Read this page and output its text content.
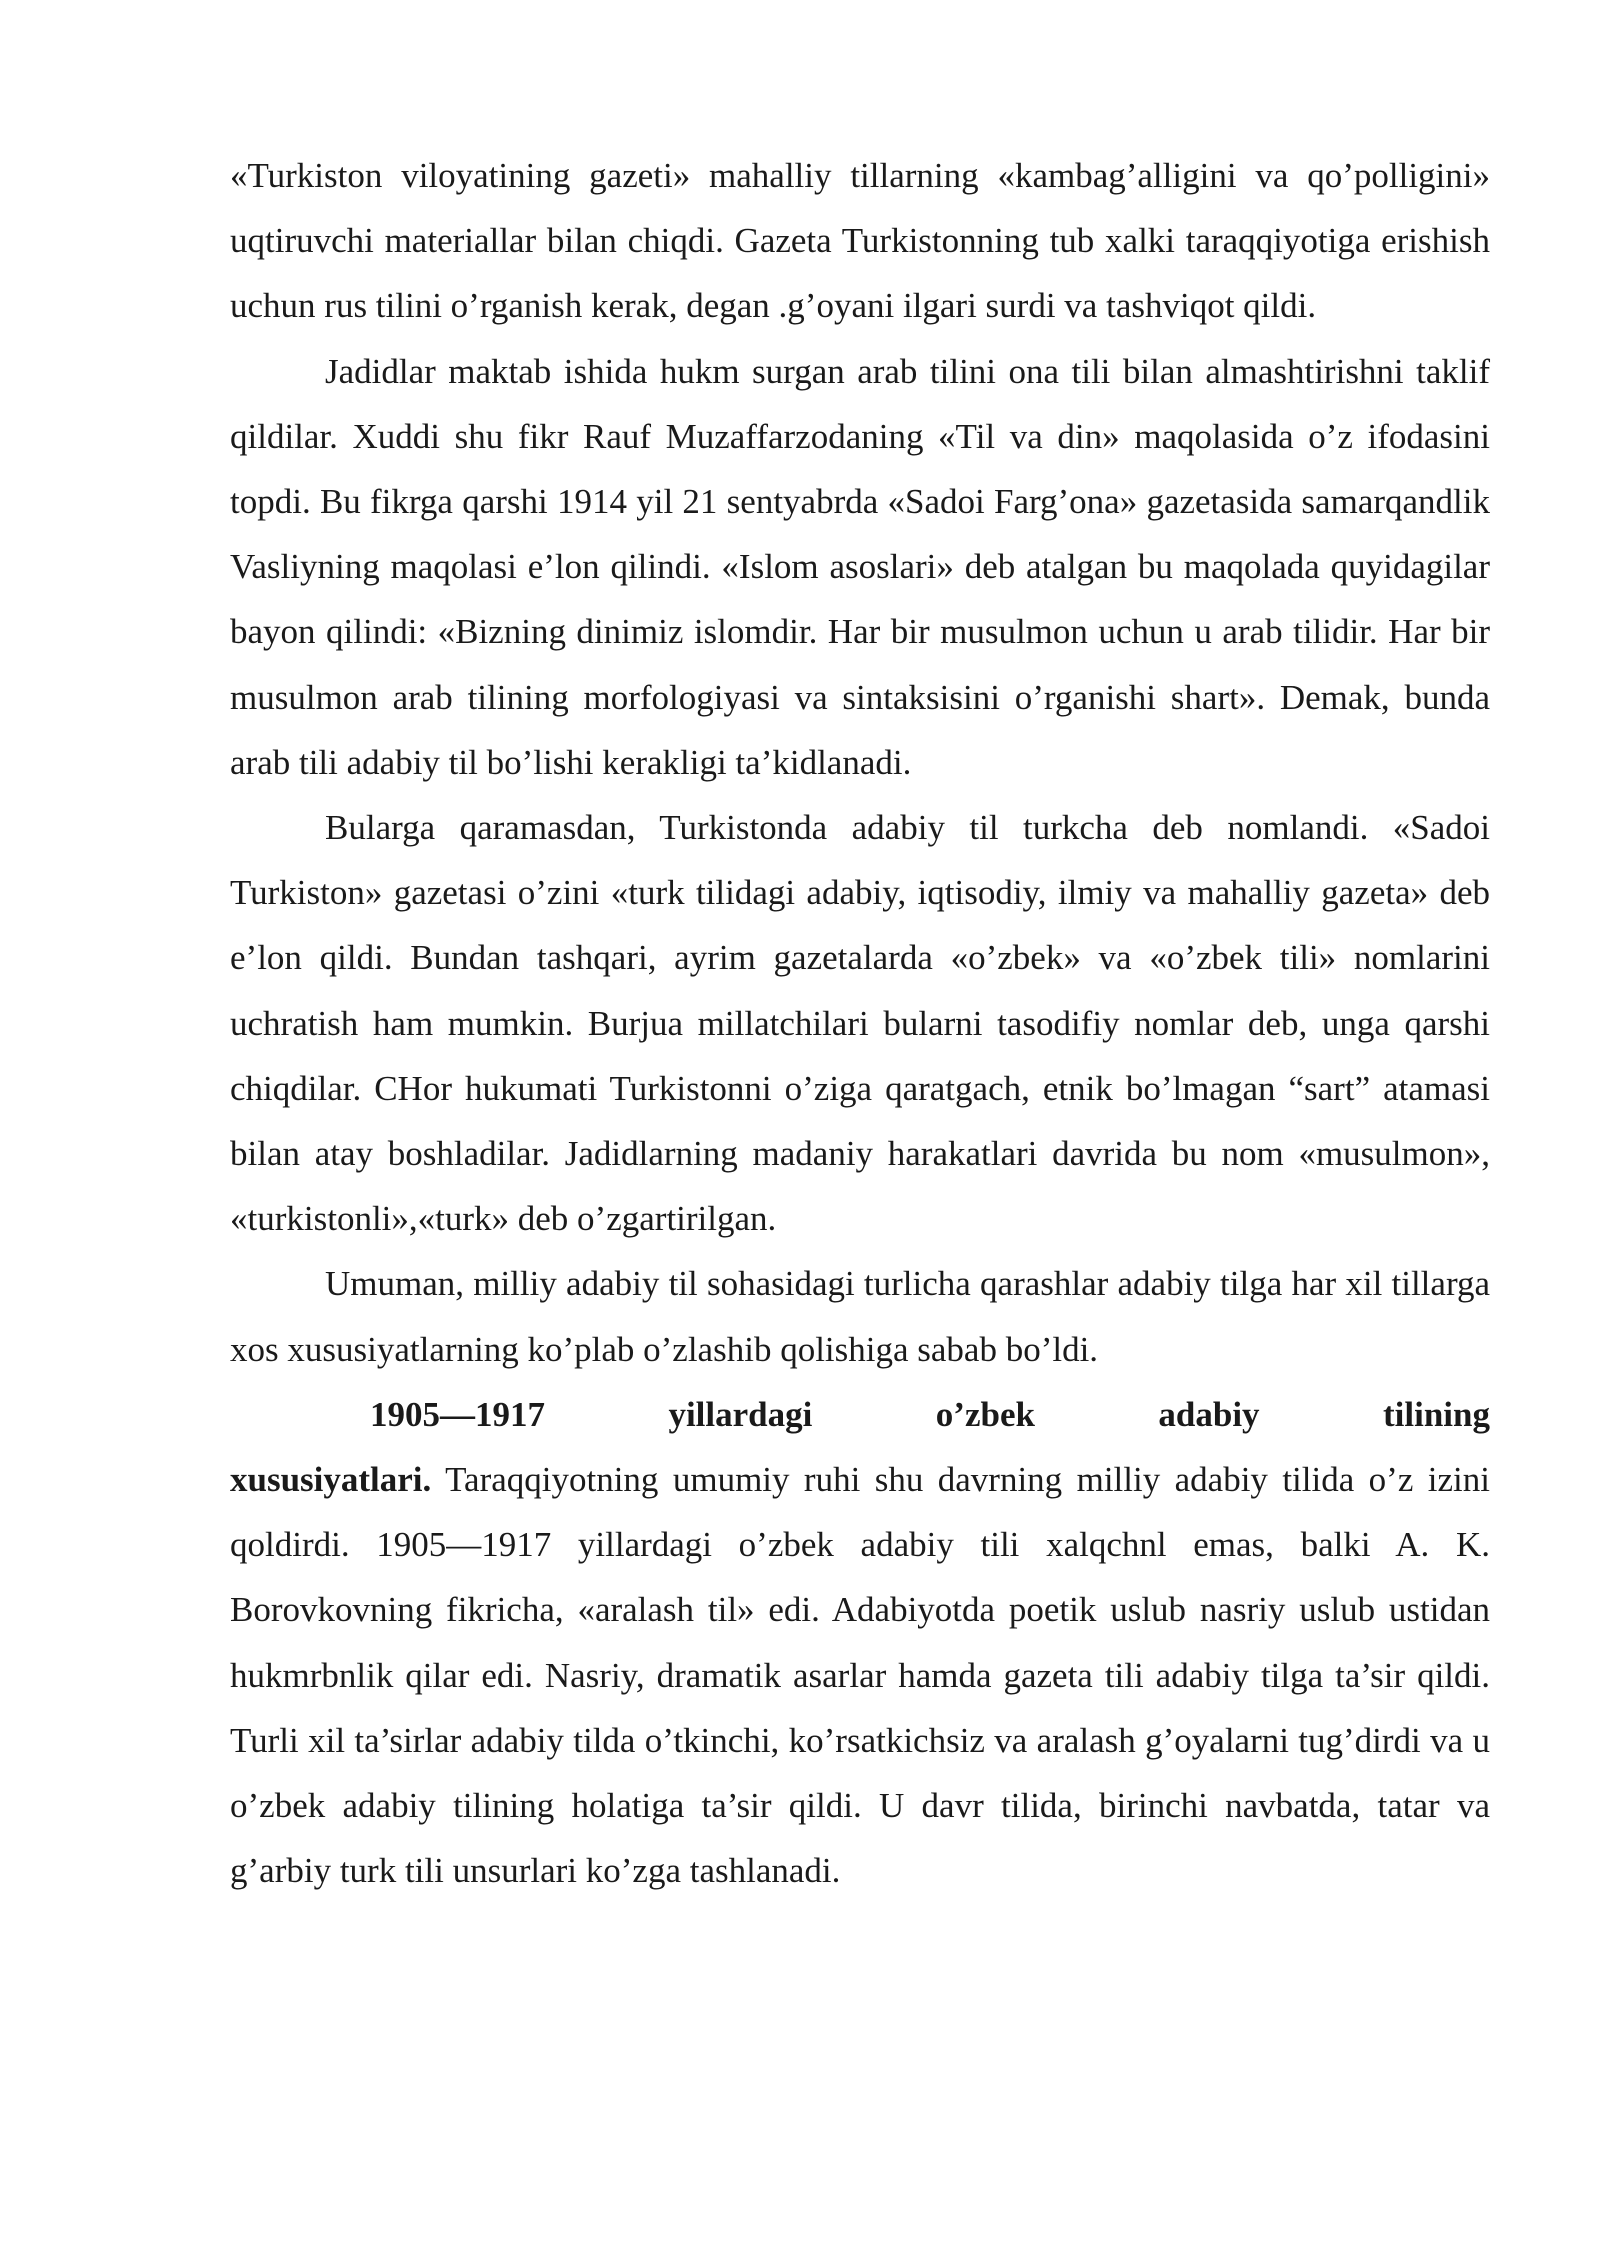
«Turkiston viloyatining gazeti» mahalliy tillarning «kambag’alligini va qo’polligini» uqtiruvchi materiallar bilan chiqdi. Gazeta Turkistonning tub xalki taraqqiyotiga erishish uchun rus tilini o’rganish kerak, degan .g’oyani ilgari surdi va tashviqot qildi.

Jadidlar maktab ishida hukm surgan arab tilini ona tili bilan almashtirishni taklif qildilar. Xuddi shu fikr Rauf Muzaffarzodaning «Til va din» maqolasida o’z ifodasini topdi. Bu fikrga qarshi 1914 yil 21 sentyabrda «Sadoi Farg’ona» gazetasida samarqandlik Vasliyning maqolasi e’lon qilindi. «Islom asoslari» deb atalgan bu maqolada quyidagilar bayon qilindi: «Bizning dinimiz islomdir. Har bir musulmon uchun u arab tilidir. Har bir musulmon arab tilining morfologiyasi va sintaksisini o’rganishi shart». Demak, bunda arab tili adabiy til bo’lishi kerakligi ta’kidlanadi.

Bularga qaramasdan, Turkistonda adabiy til turkcha deb nomlandi. «Sadoi Turkiston» gazetasi o’zini «turk tilidagi adabiy, iqtisodiy, ilmiy va mahalliy gazeta» deb e’lon qildi. Bundan tashqari, ayrim gazetalarda «o’zbek» va «o’zbek tili» nomlarini uchratish ham mumkin. Burjua millatchilari bularni tasodifiy nomlar deb, unga qarshi chiqdilar. CHor hukumati Turkistonni o’ziga qaratgach, etnik bo’lmagan “sart” atamasi bilan atay boshladilar. Jadidlarning madaniy harakatlari davrida bu nom «musulmon», «turkistonli»,«turk» deb o’zgartirilgan.

Umuman, milliy adabiy til sohasidagi turlicha qarashlar adabiy tilga har xil tillarga xos xususiyatlarning ko’plab o’zlashib qolishiga sabab bo’ldi.

1905—1917 yillardagi o’zbek adabiy tilining xususiyatlari. Taraqqiyotning umumiy ruhi shu davrning milliy adabiy tilida o’z izini qoldirdi. 1905—1917 yillardagi o’zbek adabiy tili xalqchnl emas, balki A. K. Borovkovning fikricha, «aralash til» edi. Adabiyotda poetik uslub nasriy uslub ustidan hukmrbnlik qilar edi. Nasriy, dramatik asarlar hamda gazeta tili adabiy tilga ta’sir qildi. Turli xil ta’sirlar adabiy tilda o’tkinchi, ko’rsatkichsiz va aralash g’oyalarni tug’dirdi va u o’zbek adabiy tilining holatiga ta’sir qildi. U davr tilida, birinchi navbatda, tatar va g’arbiy turk tili unsurlari ko’zga tashlanadi.
